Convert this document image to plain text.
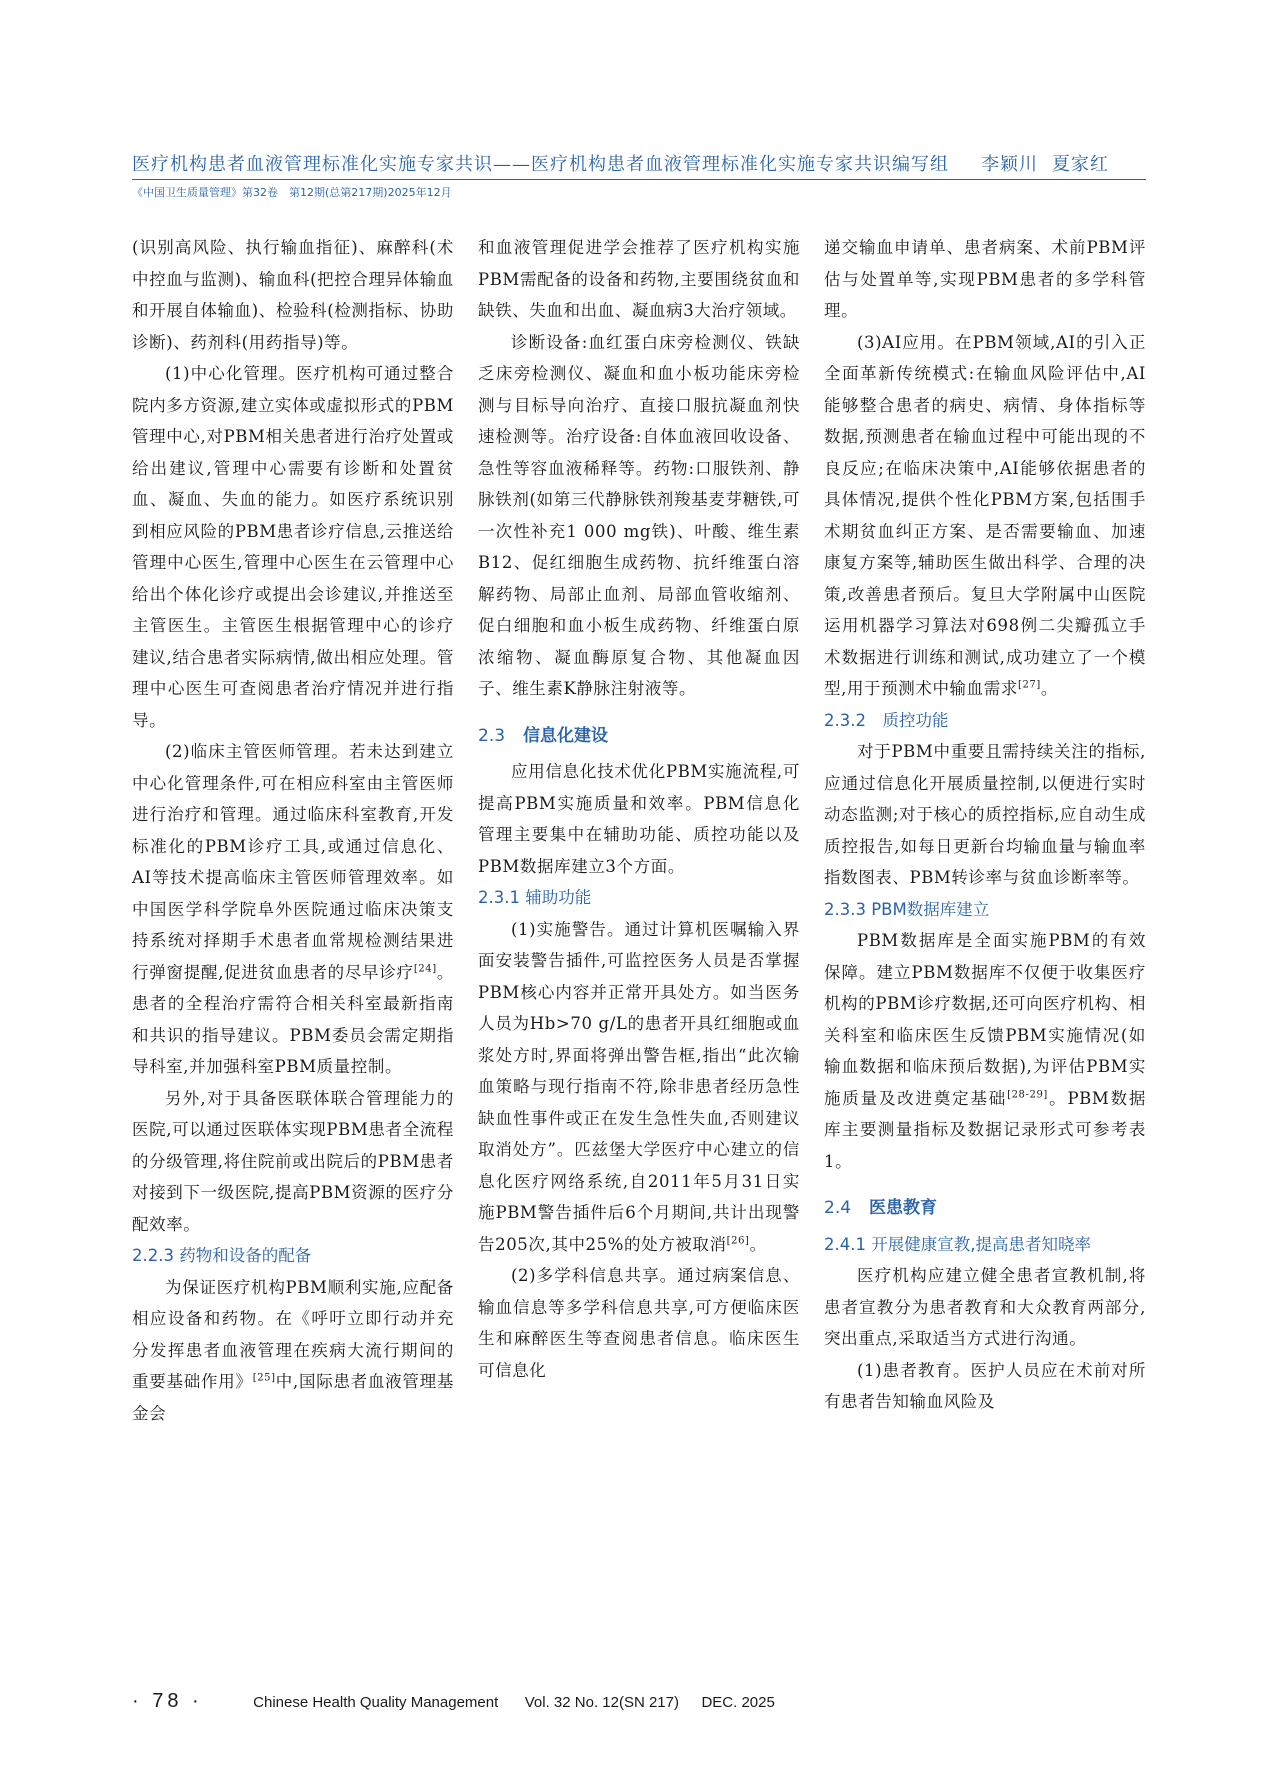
医疗机构患者血液管理标准化实施专家共识——医疗机构患者血液管理标准化实施专家共识编写组 李颖川 夏家红
《中国卫生质量管理》第32卷　第12期(总第217期)2025年12月

(识别高风险、执行输血指征)、麻醉科(术中控血与监测)、输血科(把控合理异体输血和开展自体输血)、检验科(检测指标、协助诊断)、药剂科(用药指导)等。

(1)中心化管理。医疗机构可通过整合院内多方资源,建立实体或虚拟形式的PBM管理中心,对PBM相关患者进行治疗处置或给出建议,管理中心需要有诊断和处置贫血、凝血、失血的能力。如医疗系统识别到相应风险的PBM患者诊疗信息,云推送给管理中心医生,管理中心医生在云管理中心给出个体化诊疗或提出会诊建议,并推送至主管医生。主管医生根据管理中心的诊疗建议,结合患者实际病情,做出相应处理。管理中心医生可查阅患者治疗情况并进行指导。

(2)临床主管医师管理。若未达到建立中心化管理条件,可在相应科室由主管医师进行治疗和管理。通过临床科室教育,开发标准化的PBM诊疗工具,或通过信息化、AI等技术提高临床主管医师管理效率。如中国医学科学院阜外医院通过临床决策支持系统对择期手术患者血常规检测结果进行弹窗提醒,促进贫血患者的尽早诊疗[24]。患者的全程治疗需符合相关科室最新指南和共识的指导建议。PBM委员会需定期指导科室,并加强科室PBM质量控制。

另外,对于具备医联体联合管理能力的医院,可以通过医联体实现PBM患者全流程的分级管理,将住院前或出院后的PBM患者对接到下一级医院,提高PBM资源的医疗分配效率。

2.2.3 药物和设备的配备

为保证医疗机构PBM顺利实施,应配备相应设备和药物。在《呼吁立即行动并充分发挥患者血液管理在疾病大流行期间的重要基础作用》[25]中,国际患者血液管理基金会

和血液管理促进学会推荐了医疗机构实施PBM需配备的设备和药物,主要围绕贫血和缺铁、失血和出血、凝血病3大治疗领域。

诊断设备:血红蛋白床旁检测仪、铁缺乏床旁检测仪、凝血和血小板功能床旁检测与目标导向治疗、直接口服抗凝血剂快速检测等。治疗设备:自体血液回收设备、急性等容血液稀释等。药物:口服铁剂、静脉铁剂(如第三代静脉铁剂羧基麦芽糖铁,可一次性补充1 000 mg铁)、叶酸、维生素B12、促红细胞生成药物、抗纤维蛋白溶解药物、局部止血剂、局部血管收缩剂、促白细胞和血小板生成药物、纤维蛋白原浓缩物、凝血酶原复合物、其他凝血因子、维生素K静脉注射液等。

2.3 信息化建设

应用信息化技术优化PBM实施流程,可提高PBM实施质量和效率。PBM信息化管理主要集中在辅助功能、质控功能以及PBM数据库建立3个方面。

2.3.1 辅助功能

(1)实施警告。通过计算机医嘱输入界面安装警告插件,可监控医务人员是否掌握PBM核心内容并正常开具处方。如当医务人员为Hb>70 g/L的患者开具红细胞或血浆处方时,界面将弹出警告框,指出“此次输血策略与现行指南不符,除非患者经历急性缺血性事件或正在发生急性失血,否则建议取消处方”。匹兹堡大学医疗中心建立的信息化医疗网络系统,自2011年5月31日实施PBM警告插件后6个月期间,共计出现警告205次,其中25%的处方被取消[26]。

(2)多学科信息共享。通过病案信息、输血信息等多学科信息共享,可方便临床医生和麻醉医生等查阅患者信息。临床医生可信息化

递交输血申请单、患者病案、术前PBM评估与处置单等,实现PBM患者的多学科管理。

(3)AI应用。在PBM领域,AI的引入正全面革新传统模式:在输血风险评估中,AI能够整合患者的病史、病情、身体指标等数据,预测患者在输血过程中可能出现的不良反应;在临床决策中,AI能够依据患者的具体情况,提供个性化PBM方案,包括围手术期贫血纠正方案、是否需要输血、加速康复方案等,辅助医生做出科学、合理的决策,改善患者预后。复旦大学附属中山医院运用机器学习算法对698例二尖瓣孤立手术数据进行训练和测试,成功建立了一个模型,用于预测术中输血需求[27]。

2.3.2　质控功能

对于PBM中重要且需持续关注的指标,应通过信息化开展质量控制,以便进行实时动态监测;对于核心的质控指标,应自动生成质控报告,如每日更新台均输血量与输血率指数图表、PBM转诊率与贫血诊断率等。

2.3.3 PBM数据库建立

PBM数据库是全面实施PBM的有效保障。建立PBM数据库不仅便于收集医疗机构的PBM诊疗数据,还可向医疗机构、相关科室和临床医生反馈PBM实施情况(如输血数据和临床预后数据),为评估PBM实施质量及改进奠定基础[28-29]。PBM数据库主要测量指标及数据记录形式可参考表1。

2.4 医患教育
2.4.1 开展健康宣教,提高患者知晓率

医疗机构应建立健全患者宣教机制,将患者宣教分为患者教育和大众教育两部分,突出重点,采取适当方式进行沟通。

(1)患者教育。医护人员应在术前对所有患者告知输血风险及

· 78 ·	Chinese Health Quality Management Vol. 32 No. 12(SN 217) DEC. 2025
